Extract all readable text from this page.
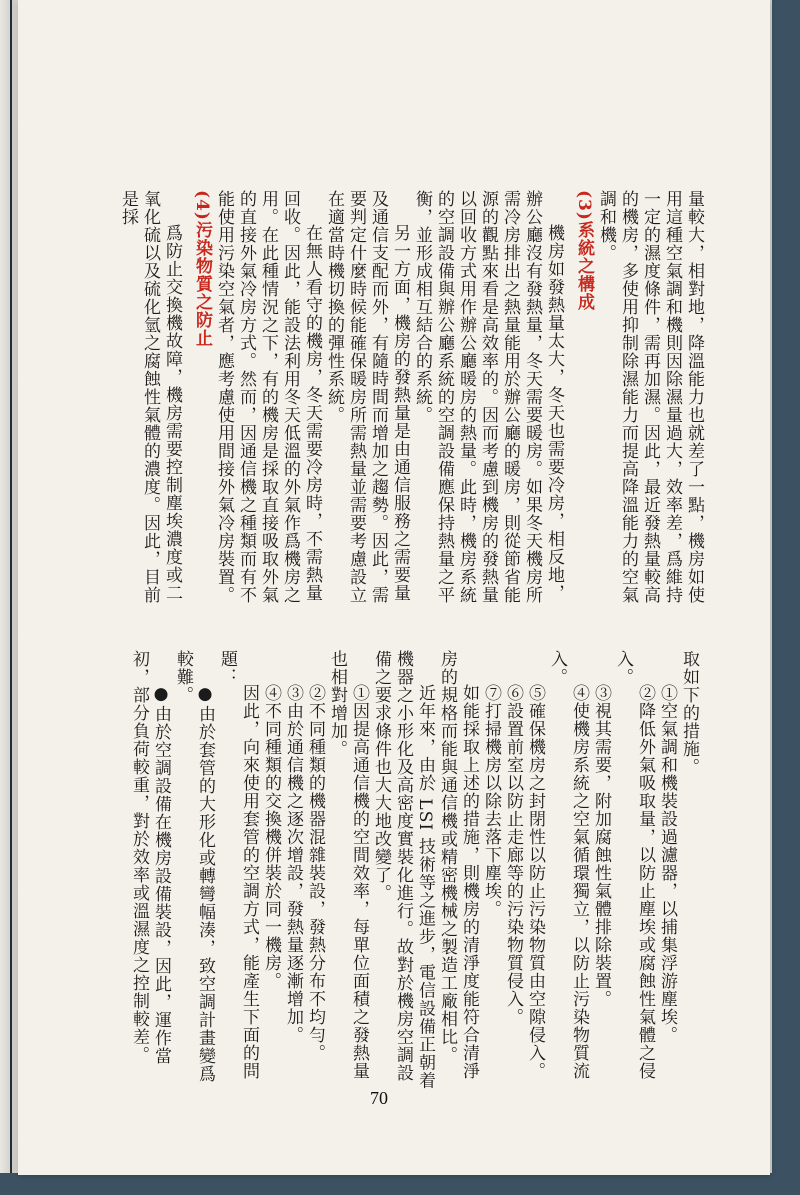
量較大，相對地，降溫能力也就差了一點，機房如使用這種空氣調和機則因除濕量過大，效率差，爲維持一定的濕度條件，需再加濕。因此，最近發熱量較高的機房，多使用抑制除濕能力而提高降溫能力的空氣調和機。

(3)系統之構成

機房如發熱量太大，冬天也需要冷房，相反地，辦公廳沒有發熱量，冬天需要暖房。如果冬天機房所需冷房排出之熱量能用於辦公廳的暖房，則從節省能源的觀點來看是高效率的。因而考慮到機房的發熱量以回收方式用作辦公廳暖房的熱量。此時，機房系統的空調設備與辦公廳系統的空調設備應保持熱量之平衡，並形成相互結合的系統。

另一方面，機房的發熱量是由通信服務之需要量及通信支配而外，有隨時間而增加之趨勢。因此，需要判定什麼時候能確保暖房所需熱量並需要考慮設立在適當時機切換的彈性系統。

在無人看守的機房，冬天需要冷房時，不需熱量回收。因此，能設法利用冬天低溫的外氣作爲機房之用。在此種情況之下，有的機房是採取直接吸取外氣的直接外氣冷房方式。然而，因通信機之種類而有不能使用污染空氣者，應考慮使用間接外氣冷房裝置。

(4)污染物質之防止

爲防止交換機故障，機房需要控制塵埃濃度或二氧化硫以及硫化氫之腐蝕性氣體的濃度。因此，目前是採

取如下的措施。

①空氣調和機裝設過濾器，以捕集浮游塵埃。

②降低外氣吸取量，以防止塵埃或腐蝕性氣體之侵入。

③視其需要，附加腐蝕性氣體排除裝置。

④使機房系統之空氣循環獨立，以防止污染物質流入。

⑤確保機房之封閉性以防止污染物質由空隙侵入。

⑥設置前室以防止走廊等的污染物質侵入。

⑦打掃機房以除去落下塵埃。

如能採取上述的措施，則機房的清淨度能符合清淨房的規格而能與通信機或精密機械之製造工廠相比。

近年來，由於 LSI 技術等之進步，電信設備正朝着機器之小形化及高密度實裝化進行。故對於機房空調設備之要求條件也大大地改變了。

①因提高通信機的空間效率，每單位面積之發熱量也相對增加。

②不同種類的機器混雜裝設，發熱分布不均勻。

③由於通信機之逐次增設，發熱量逐漸增加。

④不同種類的交換機併裝於同一機房。

因此，向來使用套管的空調方式，能產生下面的問題：

●由於套管的大形化或轉彎幅湊，致空調計畫變爲較難。

●由於空調設備在機房設備裝設，因此，運作當初，部分負荷較重，對於效率或溫濕度之控制較差。

70
